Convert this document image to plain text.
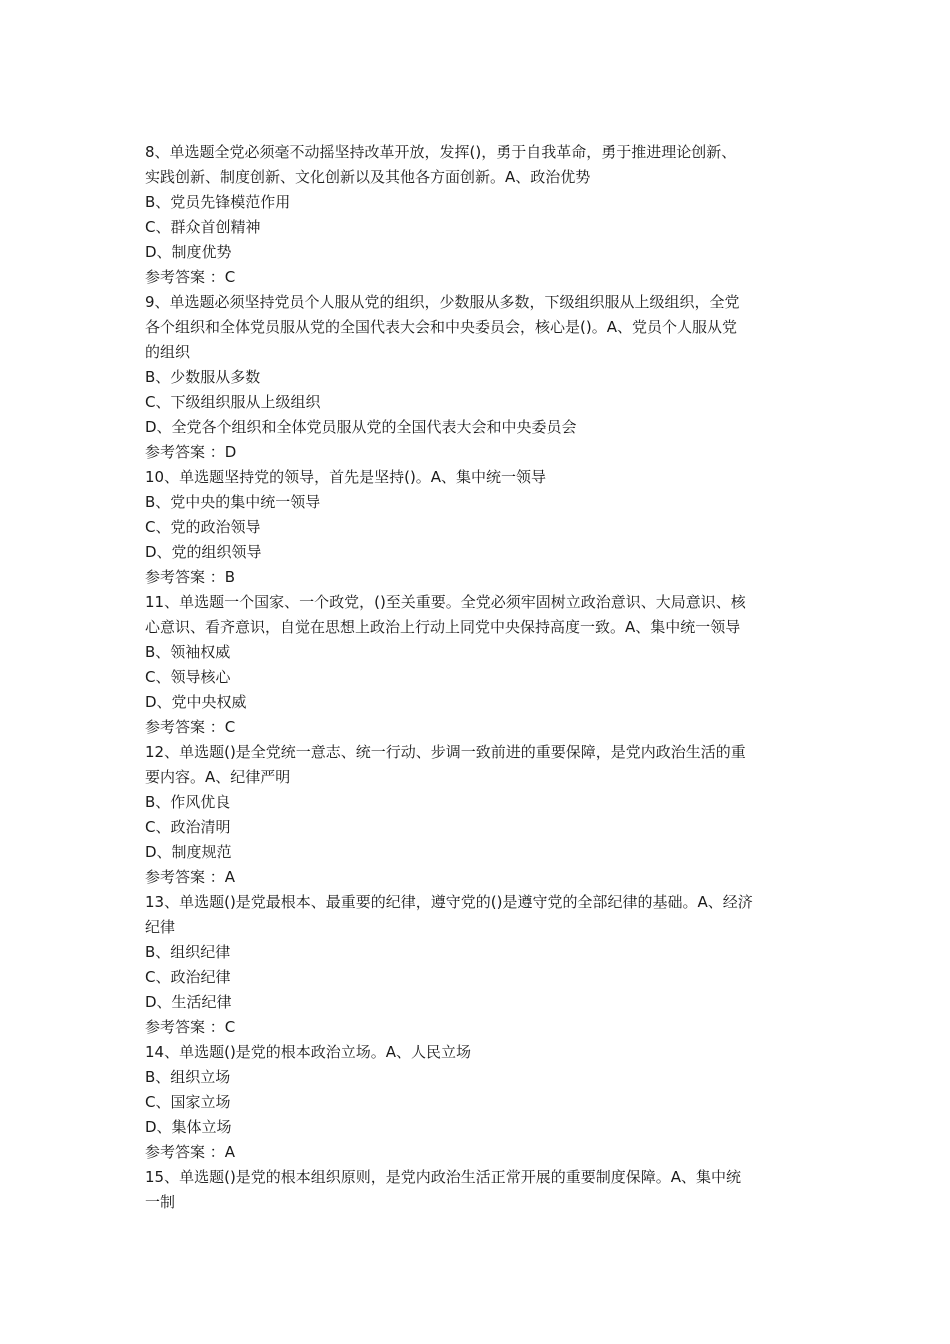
8、单选题全党必须毫不动摇坚持改革开放，发挥()，勇于自我革命，勇于推进理论创新、
实践创新、制度创新、文化创新以及其他各方面创新。A、政治优势
B、党员先锋模范作用
C、群众首创精神
D、制度优势
参考答案 ：C
9、单选题必须坚持党员个人服从党的组织，少数服从多数，下级组织服从上级组织，全党
各个组织和全体党员服从党的全国代表大会和中央委员会，核心是()。A、党员个人服从党
的组织
B、少数服从多数
C、下级组织服从上级组织
D、全党各个组织和全体党员服从党的全国代表大会和中央委员会
参考答案 ：D
10、单选题坚持党的领导，首先是坚持()。A、集中统一领导
B、党中央的集中统一领导
C、党的政治领导
D、党的组织领导
参考答案 ：B
11、单选题一个国家、一个政党，()至关重要。全党必须牢固树立政治意识、大局意识、核
心意识、看齐意识，自觉在思想上政治上行动上同党中央保持高度一致。A、集中统一领导
B、领袖权威
C、领导核心
D、党中央权威
参考答案 ：C
12、单选题()是全党统一意志、统一行动、步调一致前进的重要保障，是党内政治生活的重
要内容。A、纪律严明
B、作风优良
C、政治清明
D、制度规范
参考答案 ：A
13、单选题()是党最根本、最重要的纪律，遵守党的()是遵守党的全部纪律的基础。A、经济
纪律
B、组织纪律
C、政治纪律
D、生活纪律
参考答案 ：C
14、单选题()是党的根本政治立场。A、人民立场
B、组织立场
C、国家立场
D、集体立场
参考答案 ：A
15、单选题()是党的根本组织原则，是党内政治生活正常开展的重要制度保障。A、集中统
一制
